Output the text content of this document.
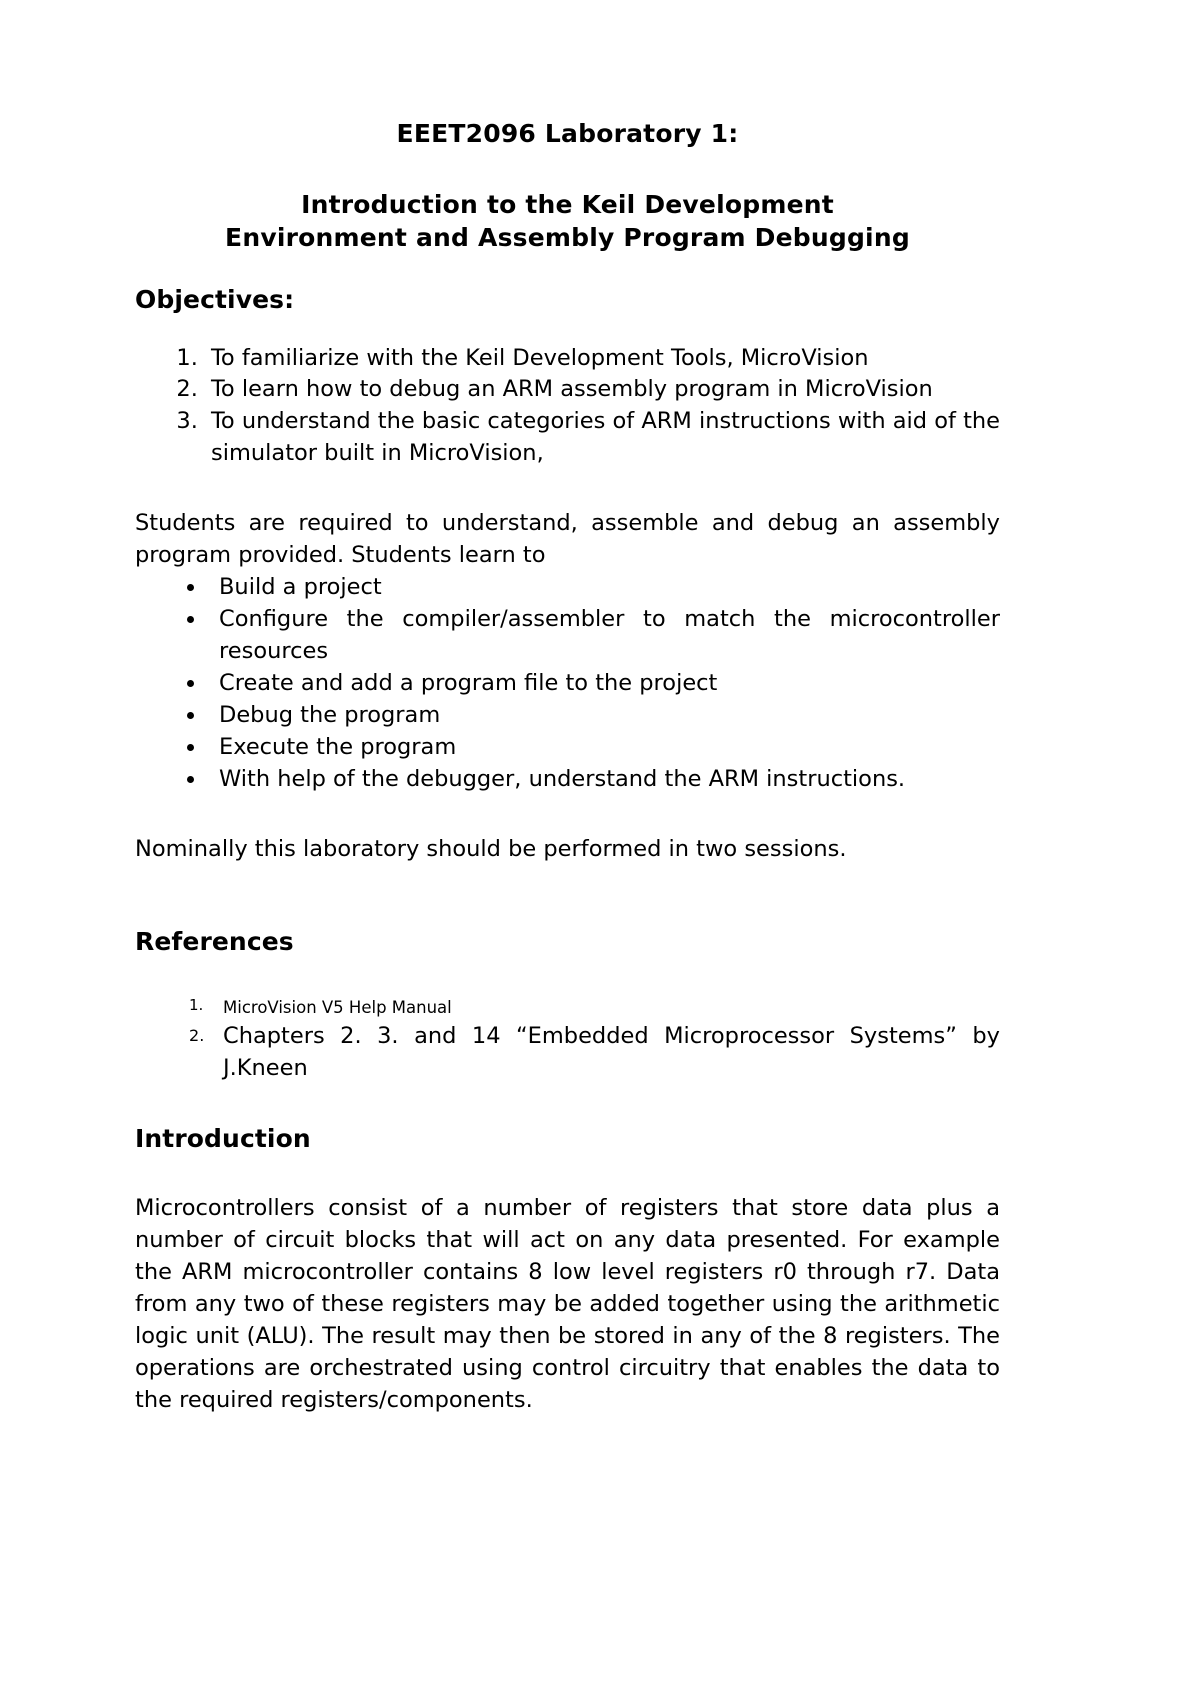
EEET2096 Laboratory 1:
Introduction to the Keil Development
Environment and Assembly Program Debugging
Objectives:
1. To familiarize with the Keil Development Tools, MicroVision
2. To learn how to debug an ARM assembly program in MicroVision
3. To understand the basic categories of ARM instructions with aid of the simulator built in MicroVision,

Students are required to understand, assemble and debug an assembly program provided. Students learn to

• Build a project
• Configure the compiler/assembler to match the microcontroller resources
• Create and add a program file to the project
• Debug the program
• Execute the program
• With help of the debugger, understand the ARM instructions.

Nominally this laboratory should be performed in two sessions.

References
MicroVision V5 Help Manual
Chapters 2. 3. and 14 “Embedded Microprocessor Systems” by J.Kneen
Introduction

Microcontrollers consist of a number of registers that store data plus a number of circuit blocks that will act on any data presented. For example the ARM microcontroller contains 8 low level registers r0 through r7. Data from any two of these registers may be added together using the arithmetic logic unit (ALU). The result may then be stored in any of the 8 registers. The operations are orchestrated using control circuitry that enables the data to the required registers/components.
